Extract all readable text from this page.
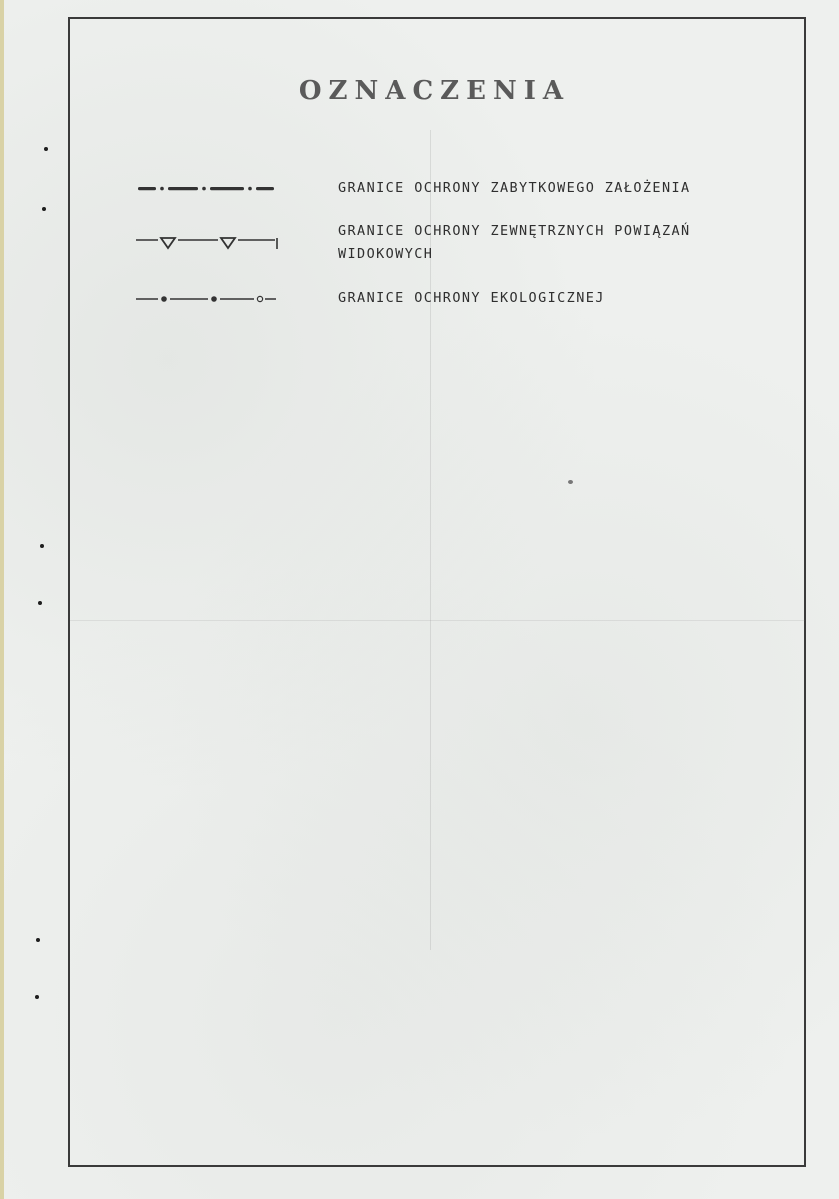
OZNACZENIA
GRANICE OCHRONY ZABYTKOWEGO ZAŁOŻENIA
GRANICE OCHRONY ZEWNĘTRZNYCH POWIĄZAŃ
WIDOKOWYCH
GRANICE OCHRONY EKOLOGICZNEJ
